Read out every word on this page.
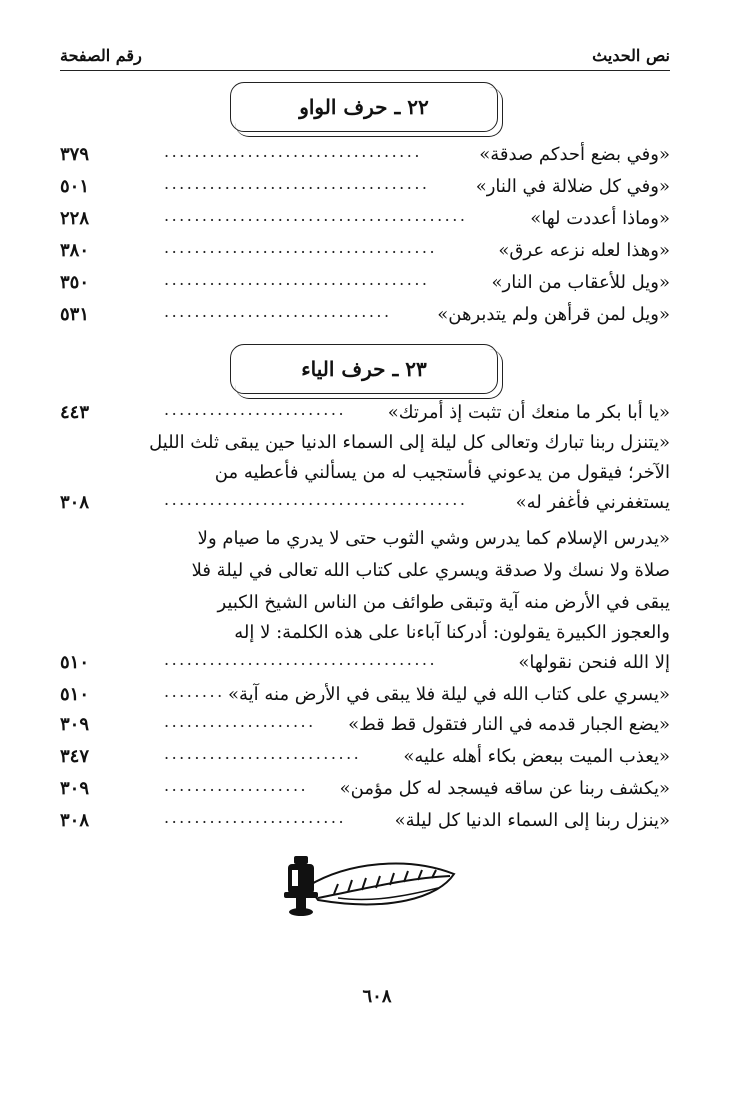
نص الحديث
رقم الصفحة
٢٢ ـ حرف الواو
«وفي بضع أحدكم صدقة»
..................................
٣٧٩
«وفي كل ضلالة في النار»
...................................
٥٠١
«وماذا أعددت لها»
........................................
٢٢٨
«وهذا لعله نزعه عرق»
....................................
٣٨٠
«ويل للأعقاب من النار»
...................................
٣٥٠
«ويل لمن قرأهن ولم يتدبرهن»
..............................
٥٣١
٢٣ ـ حرف الياء
«يا أبا بكر ما منعك أن تثبت إذ أمرتك»
........................
٤٤٣
«يتنزل ربنا تبارك وتعالى كل ليلة إلى السماء الدنيا حين يبقى ثلث الليل
الآخر؛ فيقول من يدعوني فأستجيب له من يسألني فأعطيه من
يستغفرني فأغفر له»
........................................
٣٠٨
«يدرس الإسلام كما يدرس وشي الثوب حتى لا يدري ما صيام ولا
صلاة ولا نسك ولا صدقة ويسري على كتاب الله تعالى في ليلة فلا
يبقى في الأرض منه آية وتبقى طوائف من الناس الشيخ الكبير
والعجوز الكبيرة يقولون: أدركنا آباءنا على هذه الكلمة: لا إله
إلا الله فنحن نقولها»
....................................
٥١٠
«يسري على كتاب الله في ليلة فلا يبقى في الأرض منه آية»
........
٥١٠
«يضع الجبار قدمه في النار فتقول قط قط»
....................
٣٠٩
«يعذب الميت ببعض بكاء أهله عليه»
..........................
٣٤٧
«يكشف ربنا عن ساقه فيسجد له كل مؤمن»
...................
٣٠٩
«ينزل ربنا إلى السماء الدنيا كل ليلة»
........................
٣٠٨
٦٠٨
